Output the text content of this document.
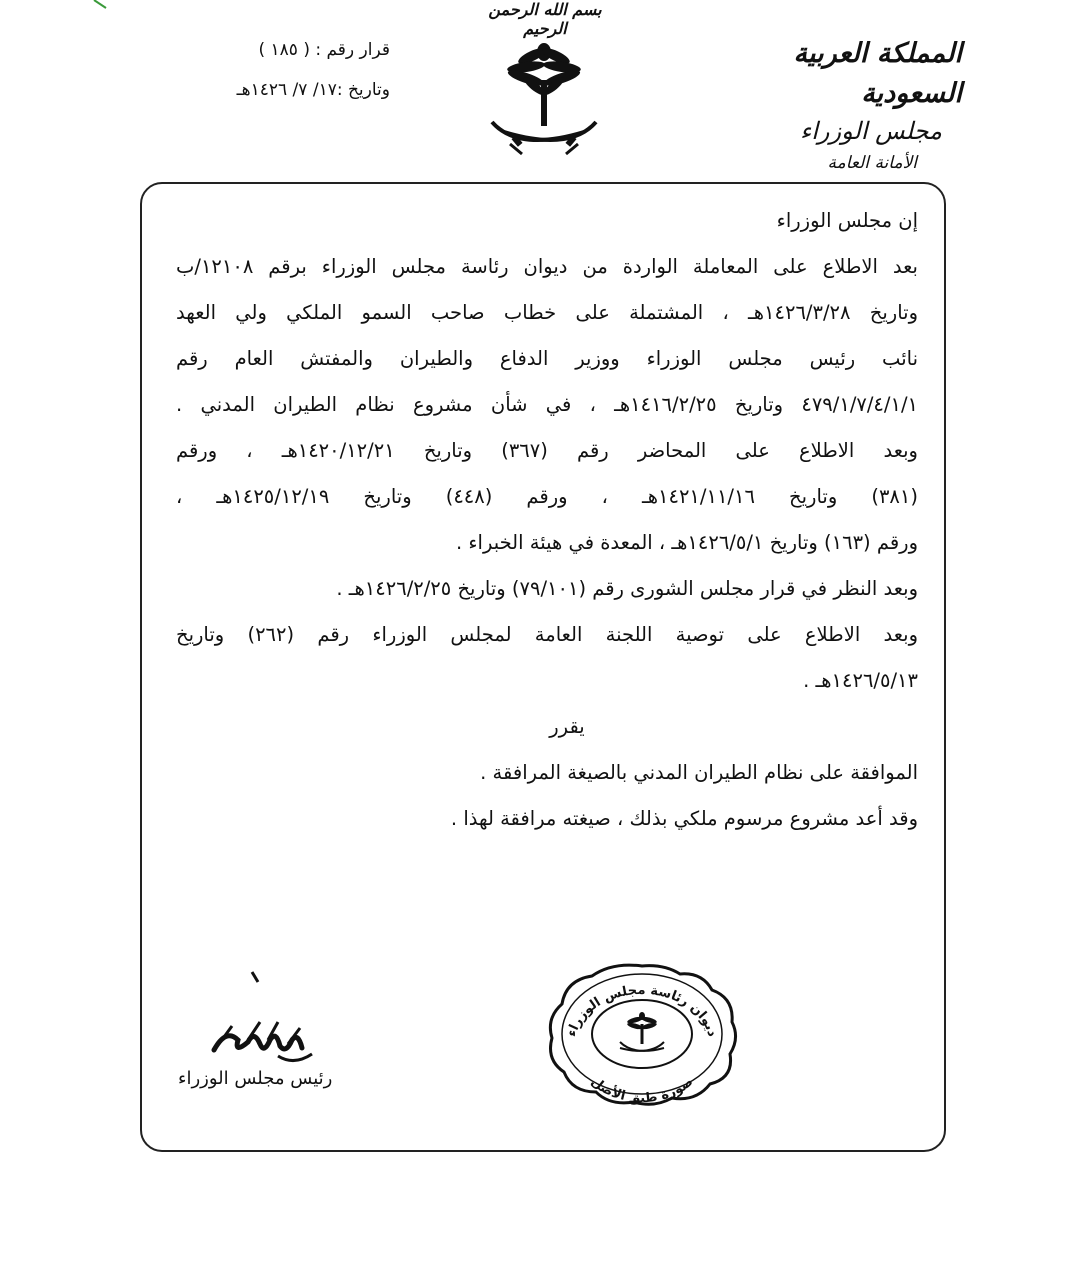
بسم الله الرحمن الرحيم
المملكة العربية السعودية
مجلس الوزراء
الأمانة العامة
قرار رقم : ( ١٨٥ )
وتاريخ :١٧/ ٧/ ١٤٢٦هـ

إن مجلس الوزراء

بعد الاطلاع على المعاملة الواردة من ديوان رئاسة مجلس الوزراء برقم ١٢١٠٨/ب

وتاريخ ١٤٢٦/٣/٢٨هـ ، المشتملة على خطاب صاحب السمو الملكي ولي العهد

نائب رئيس مجلس الوزراء ووزير الدفاع والطيران والمفتش العام رقم

٤٧٩/١/٧/٤/١/١ وتاريخ ١٤١٦/٢/٢٥هـ ، في شأن مشروع نظام الطيران المدني .

وبعد الاطلاع على المحاضر رقم (٣٦٧) وتاريخ ١٤٢٠/١٢/٢١هـ ، ورقم

(٣٨١) وتاريخ ١٤٢١/١١/١٦هـ ، ورقم (٤٤٨) وتاريخ ١٤٢٥/١٢/١٩هـ ،

ورقم (١٦٣) وتاريخ ١٤٢٦/٥/١هـ ، المعدة في هيئة الخبراء .

وبعد النظر في قرار مجلس الشورى رقم (٧٩/١٠١) وتاريخ ١٤٢٦/٢/٢٥هـ .

وبعد الاطلاع على توصية اللجنة العامة لمجلس الوزراء رقم (٢٦٢) وتاريخ

١٤٢٦/٥/١٣هـ .

يقرر

الموافقة على نظام الطيران المدني بالصيغة المرافقة .

وقد أعد مشروع مرسوم ملكي بذلك ، صيغته مرافقة لهذا .

ديوان رئاسة مجلس الوزراء
صورة طبق الأصل
رئيس مجلس الوزراء
